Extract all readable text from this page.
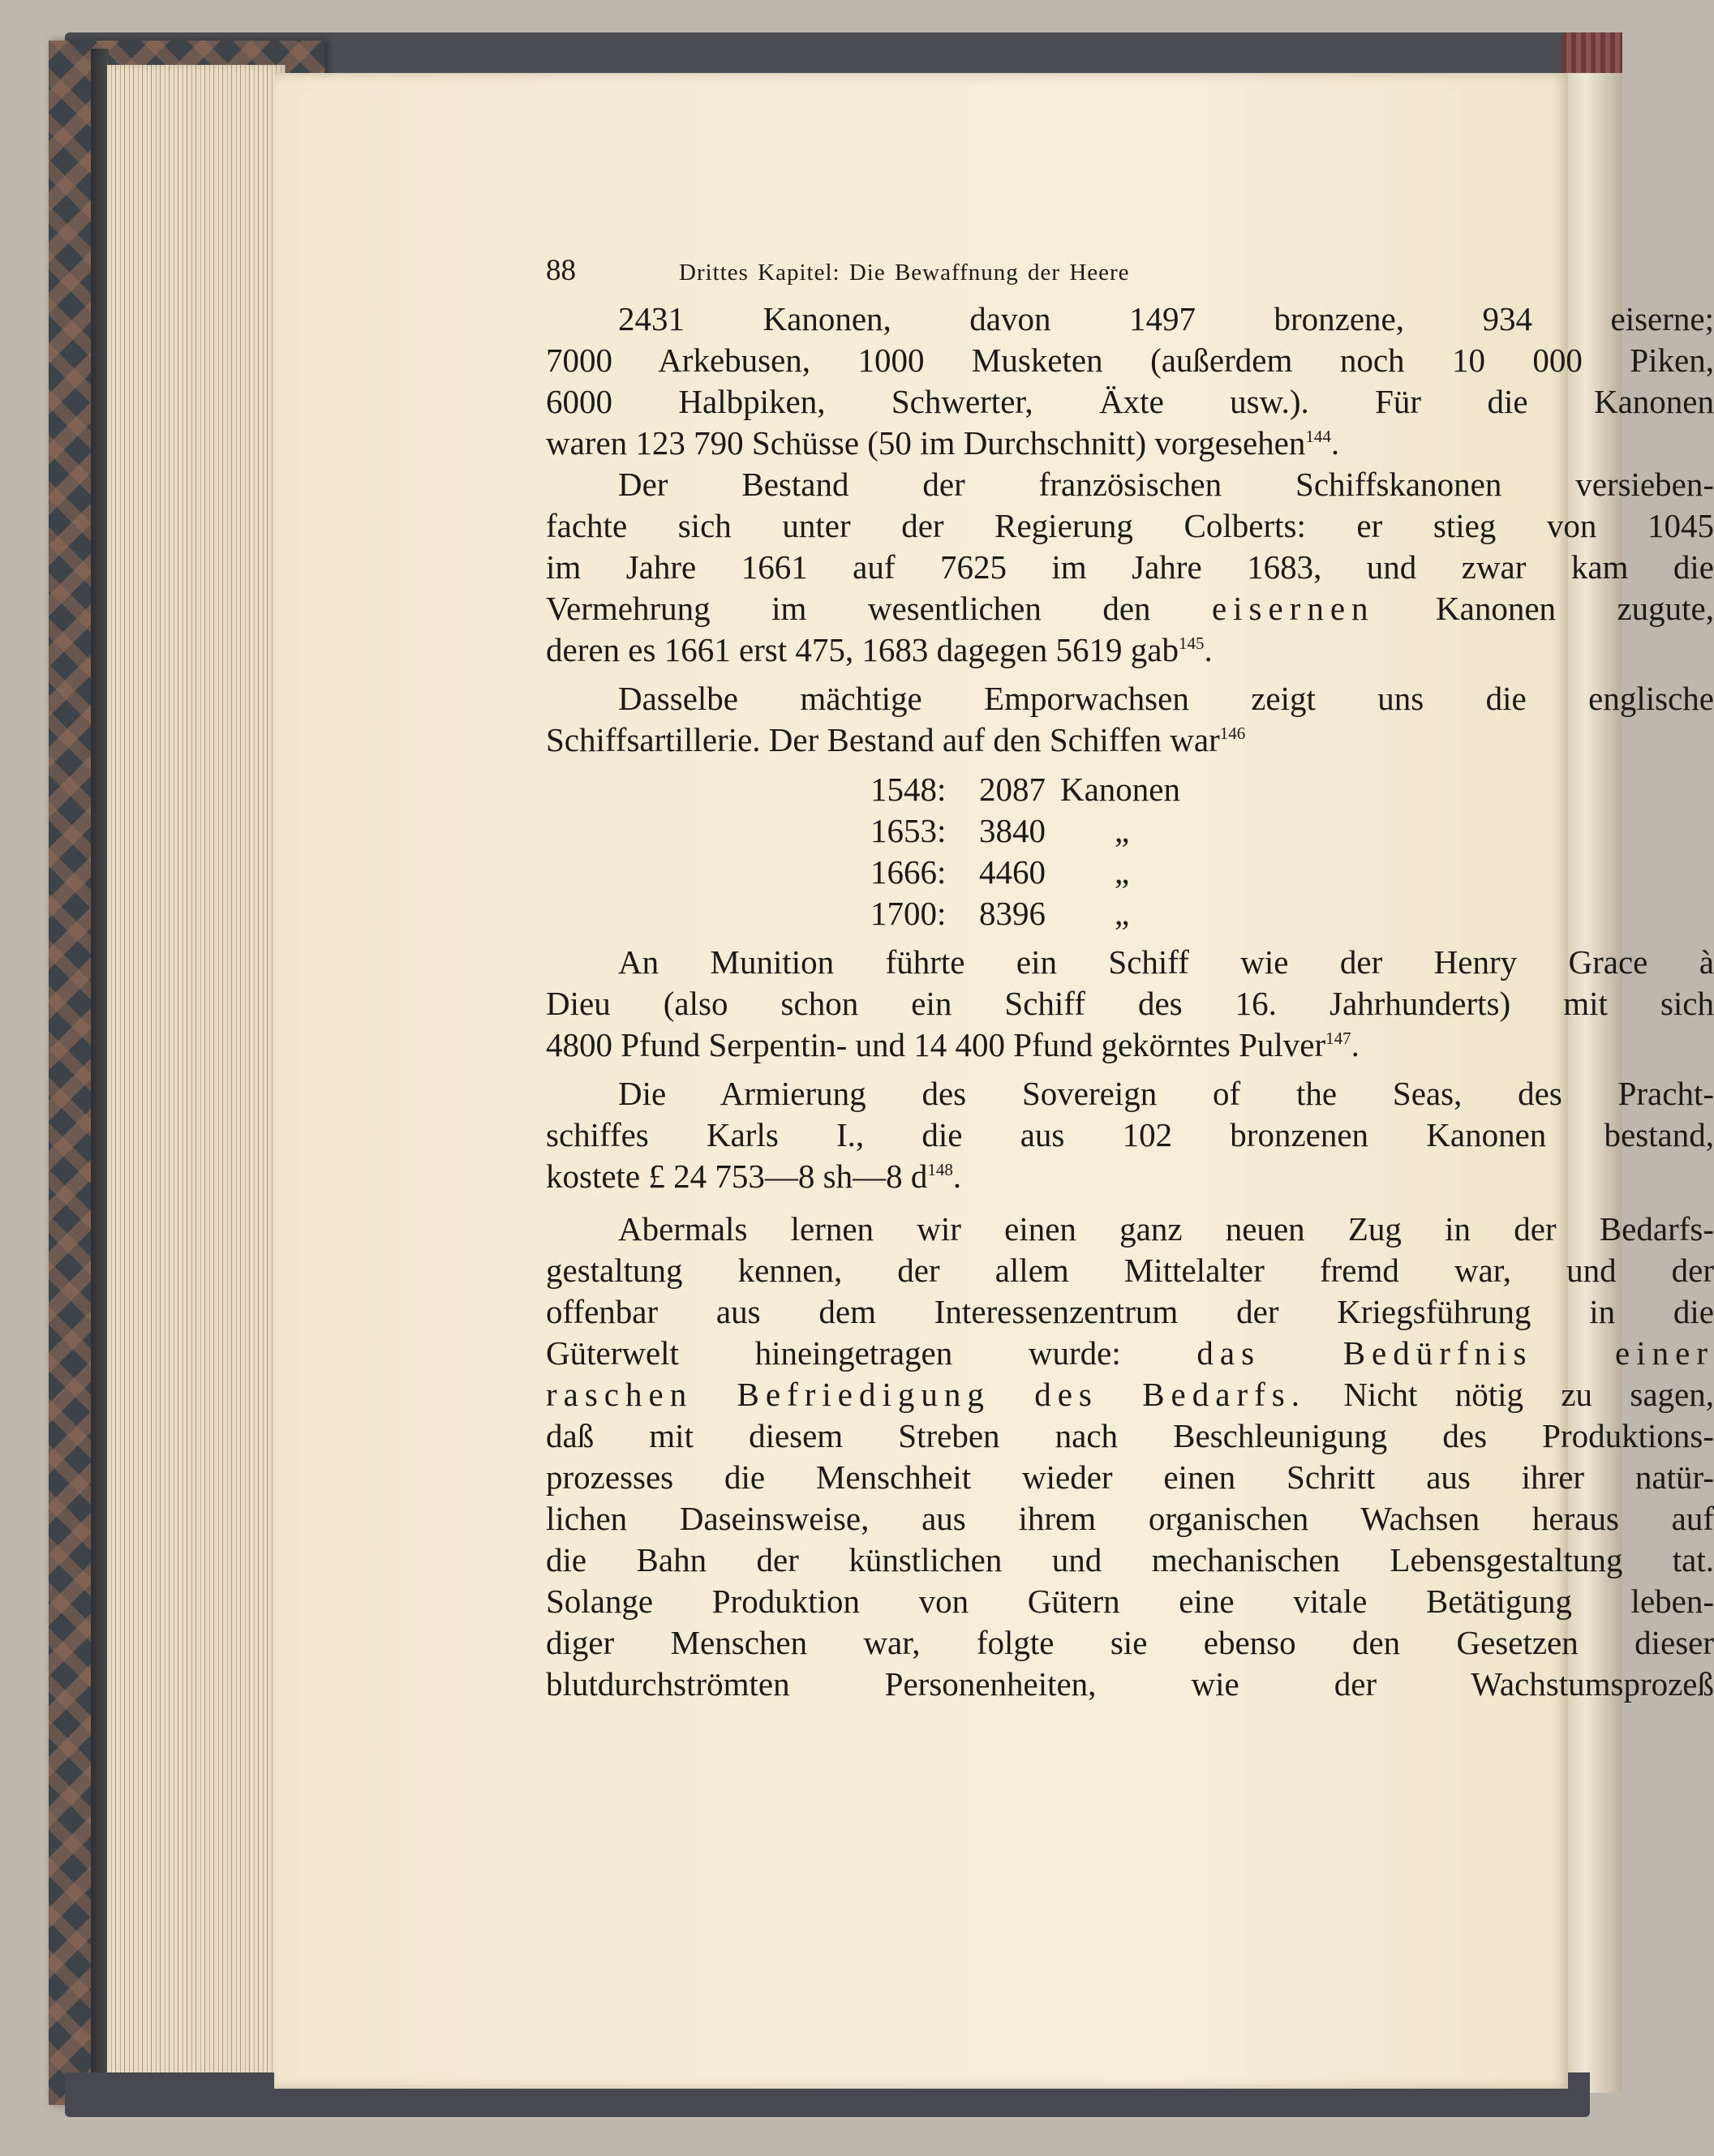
88	Drittes Kapitel: Die Bewaffnung der Heere
2431 Kanonen, davon 1497 bronzene, 934 eiserne;
7000 Arkebusen, 1000 Musketen (außerdem noch 10 000 Piken,
6000 Halbpiken, Schwerter, Äxte usw.). Für die Kanonen
waren 123 790 Schüsse (50 im Durchschnitt) vorgesehen$^{144}$.
Der Bestand der französischen Schiffskanonen versieben-
fachte sich unter der Regierung Colberts: er stieg von 1045
im Jahre 1661 auf 7625 im Jahre 1683, und zwar kam die
Vermehrung im wesentlichen den eisernen Kanonen zugute,
deren es 1661 erst 475, 1683 dagegen 5619 gab$^{145}$.
Dasselbe mächtige Emporwachsen zeigt uns die englische
Schiffsartillerie. Der Bestand auf den Schiffen war$^{146}$
1548	:	2087	Kanonen
1653	:	3840	„
1666	:	4460	„
1700	:	8396	„
An Munition führte ein Schiff wie der Henry Grace à
Dieu (also schon ein Schiff des 16. Jahrhunderts) mit sich
4800 Pfund Serpentin- und 14 400 Pfund gekörntes Pulver$^{147}$.
Die Armierung des Sovereign of the Seas, des Pracht-
schiffes Karls I., die aus 102 bronzenen Kanonen bestand,
kostete £ 24 753—8 sh—8 $d^{148}$.
Abermals lernen wir einen ganz neuen Zug in der Bedarfs-
gestaltung kennen, der allem Mittelalter fremd war, und der
offenbar aus dem Interessenzentrum der Kriegsführung in die
Güterwelt hineingetragen wurde: das Bedürfnis einer
raschen Befriedigung des Bedarfs. Nicht nötig zu sagen,
daß mit diesem Streben nach Beschleunigung des Produktions-
prozesses die Menschheit wieder einen Schritt aus ihrer natür-
lichen Daseinsweise, aus ihrem organischen Wachsen heraus auf
die Bahn der künstlichen und mechanischen Lebensgestaltung tat.
Solange Produktion von Gütern eine vitale Betätigung leben-
diger Menschen war, folgte sie ebenso den Gesetzen dieser
blutdurchströmten Personenheiten, wie der Wachstumsprozeß
